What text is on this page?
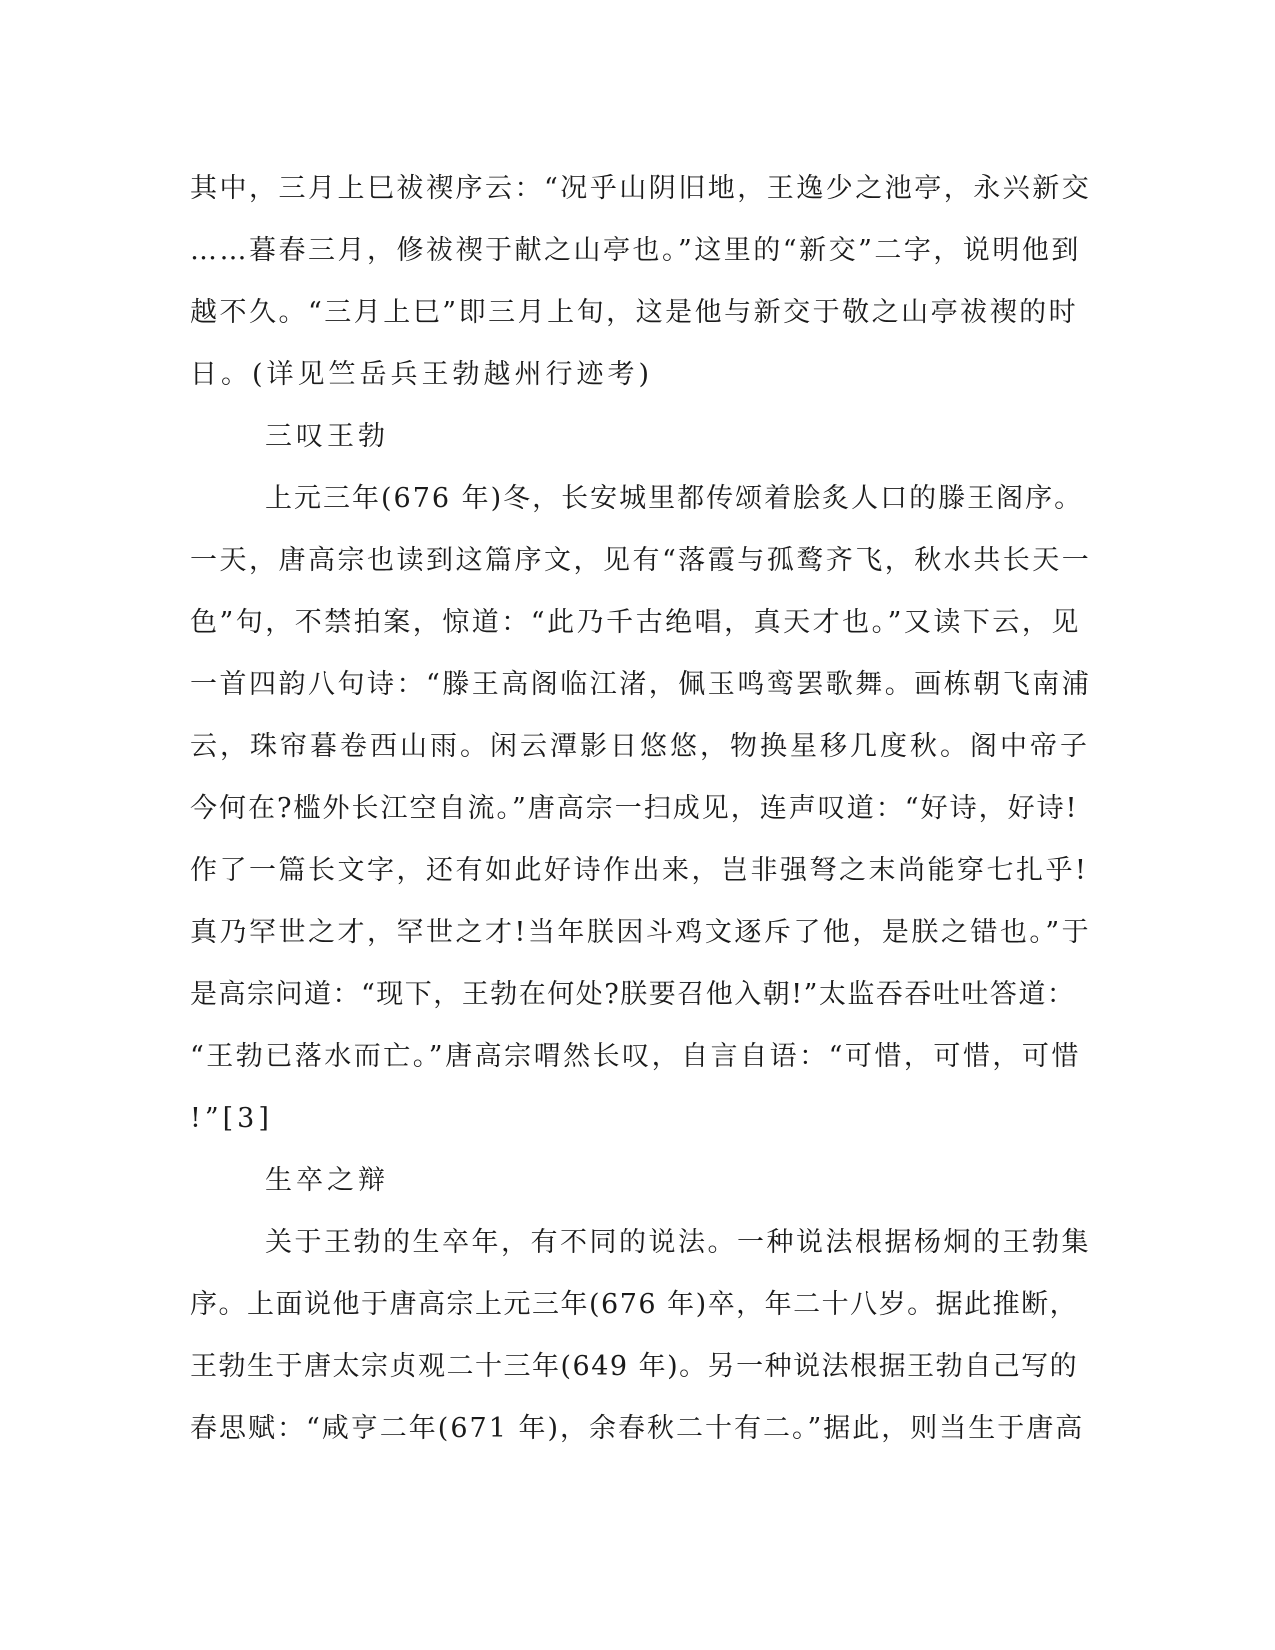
其中，三月上巳祓禊序云：“况乎山阴旧地，王逸少之池亭，永兴新交
……暮春三月，修祓禊于献之山亭也。”这里的“新交”二字，说明他到
越不久。“三月上巳”即三月上旬，这是他与新交于敬之山亭祓禊的时
日。(详见竺岳兵王勃越州行迹考)
三叹王勃
上元三年(676 年)冬，长安城里都传颂着脍炙人口的滕王阁序。
一天，唐高宗也读到这篇序文，见有“落霞与孤鹜齐飞，秋水共长天一
色”句，不禁拍案，惊道：“此乃千古绝唱，真天才也。”又读下云，见
一首四韵八句诗：“滕王高阁临江渚，佩玉鸣鸾罢歌舞。画栋朝飞南浦
云，珠帘暮卷西山雨。闲云潭影日悠悠，物换星移几度秋。阁中帝子
今何在?槛外长江空自流。”唐高宗一扫成见，连声叹道：“好诗，好诗!
作了一篇长文字，还有如此好诗作出来，岂非强弩之末尚能穿七扎乎!
真乃罕世之才，罕世之才!当年朕因斗鸡文逐斥了他，是朕之错也。”于
是高宗问道：“现下，王勃在何处?朕要召他入朝!”太监吞吞吐吐答道：
“王勃已落水而亡。”唐高宗喟然长叹，自言自语：“可惜，可惜，可惜
!”[3]
生卒之辩
关于王勃的生卒年，有不同的说法。一种说法根据杨炯的王勃集
序。上面说他于唐高宗上元三年(676 年)卒，年二十八岁。据此推断，
王勃生于唐太宗贞观二十三年(649 年)。另一种说法根据王勃自己写的
春思赋：“咸亨二年(671 年)，余春秋二十有二。”据此，则当生于唐高
